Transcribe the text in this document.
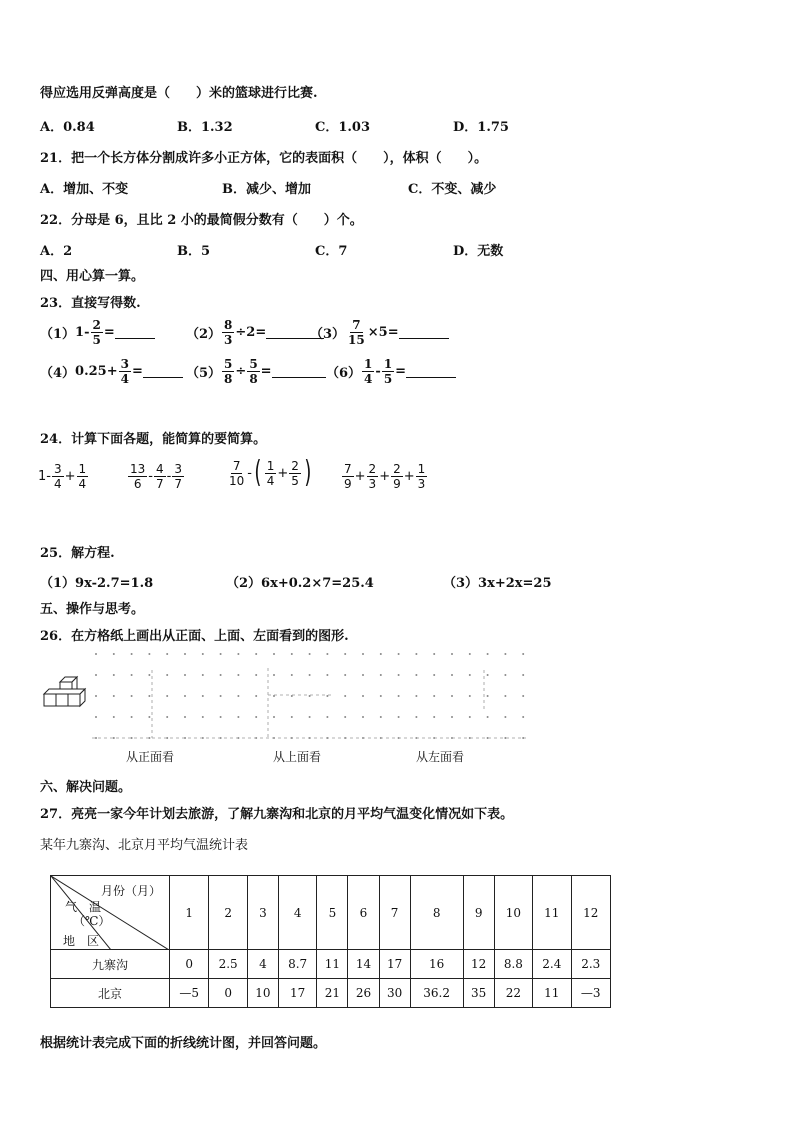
得应选用反弹高度是（　　）米的篮球进行比赛.
A．0.84	B．1.32	C．1.03	D．1.75
21．把一个长方体分割成许多小正方体，它的表面积（　　），体积（　　）。
A．增加、不变	B．减少、增加	C．不变、减少
22．分母是 6，且比 2 小的最简假分数有（　　）个。
A．2	B．5	C．7	D．无数
四、用心算一算。
23．直接写得数.
（1） $1- \frac{2}{5}$ =	$(2) \frac{8}{3} \div 2=$	$(3) \frac{7}{15} \times 5=$
（4） $0.25+ \frac{3}{4}$ =	$(5) \frac{5}{8} \div \frac{5}{8}$ =	$(6) \frac{1}{4} - \frac{1}{5}$ =
24．计算下面各题，能简算的要简算。
$1- \frac{3}{4} + \frac{1}{4}$	$\frac{13}{6} - \frac{4}{7} - \frac{3}{7}$	$\frac{7}{10}$ - ( $\frac{1}{4} + \frac{2}{5}$ )	$\frac{7}{9} + \frac{2}{3} + \frac{2}{9} + \frac{1}{3}$
25．解方程.
（1）9x-2.7=1.8	（2）6x+0.2×7=25.4	（3）3x+2x=25
五、操作与思考。
26．在方格纸上画出从正面、上面、左面看到的图形.
从正面看	从上面看	从左面看
六、解决问题。
27．亮亮一家今年计划去旅游，了解九寨沟和北京的月平均气温变化情况如下表。
某年九寨沟、北京月平均气温统计表
月份（月）
气　温
（℃）
地　区	1	2	3	4	5	6	7	8	9	10	11	12
九寨沟	0	2.5	4	8.7	11	14	17	16	12	8.8	2.4	2.3
北京	—5	0	10	17	21	26	30	36.2	35	22	11	—3
根据统计表完成下面的折线统计图，并回答问题。
